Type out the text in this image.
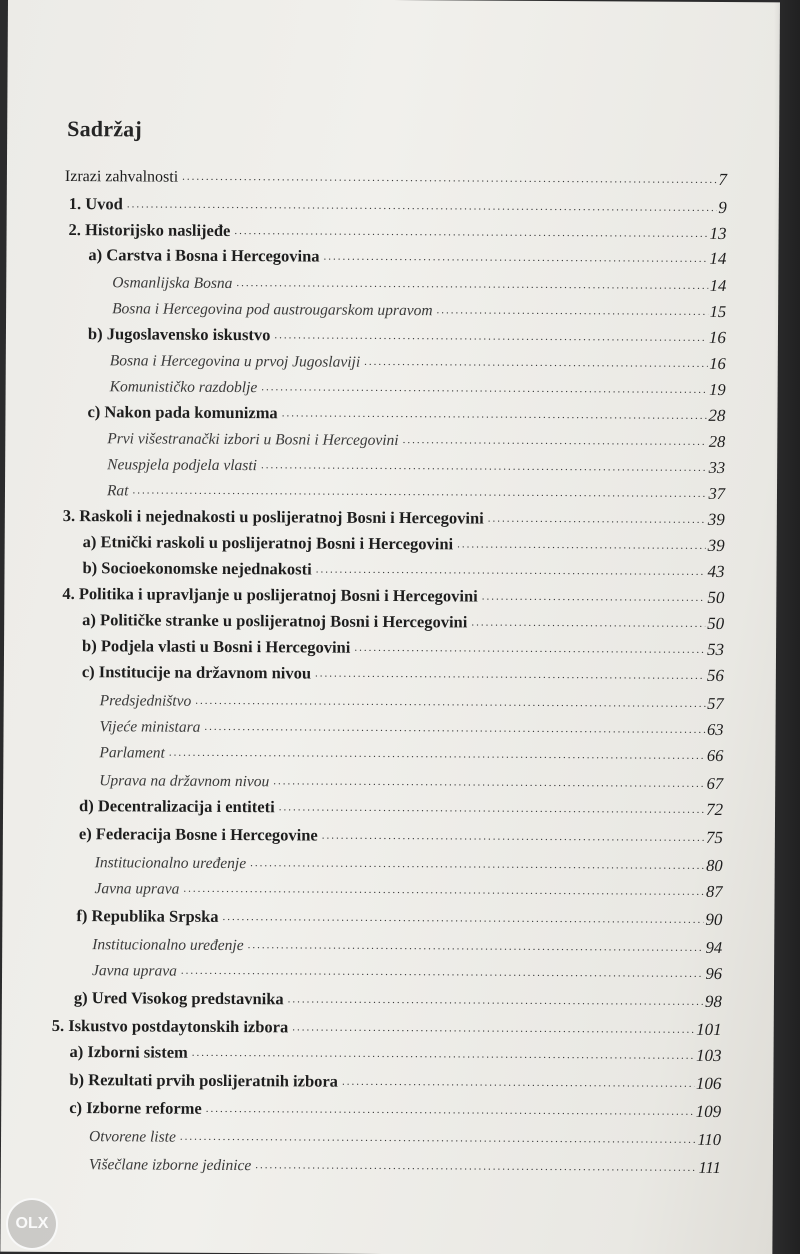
Sadržaj
Izrazi zahvalnosti .....	7
1. Uvod .....	9
2. Historijsko naslijeđe .....	13
a) Carstva i Bosna i Hercegovina .....	14
Osmanlijska Bosna .....	14
Bosna i Hercegovina pod austrougarskom upravom .....	15
b) Jugoslavensko iskustvo .....	16
Bosna i Hercegovina u prvoj Jugoslaviji .....	16
Komunističko razdoblje .....	19
c) Nakon pada komunizma .....	28
Prvi višestranački izbori u Bosni i Hercegovini .....	28
Neuspjela podjela vlasti .....	33
Rat .....	37
3. Raskoli i nejednakosti u poslijeratnoj Bosni i Hercegovini .....	39
a) Etnički raskoli u poslijeratnoj Bosni i Hercegovini .....	39
b) Socioekonomske nejednakosti .....	43
4. Politika i upravljanje u poslijeratnoj Bosni i Hercegovini .....	50
a) Političke stranke u poslijeratnoj Bosni i Hercegovini .....	50
b) Podjela vlasti u Bosni i Hercegovini .....	53
c) Institucije na državnom nivou .....	56
Predsjedništvo .....	57
Vijeće ministara .....	63
Parlament .....	66
Uprava na državnom nivou .....	67
d) Decentralizacija i entiteti .....	72
e) Federacija Bosne i Hercegovine .....	75
Institucionalno uređenje .....	80
Javna uprava .....	87
f) Republika Srpska .....	90
Institucionalno uređenje .....	94
Javna uprava .....	96
g) Ured Visokog predstavnika .....	98
5. Iskustvo postdaytonskih izbora .....	101
a) Izborni sistem .....	103
b) Rezultati prvih poslijeratnih izbora .....	106
c) Izborne reforme .....	109
Otvorene liste .....	110
Višečlane izborne jedinice .....	111
OLX
